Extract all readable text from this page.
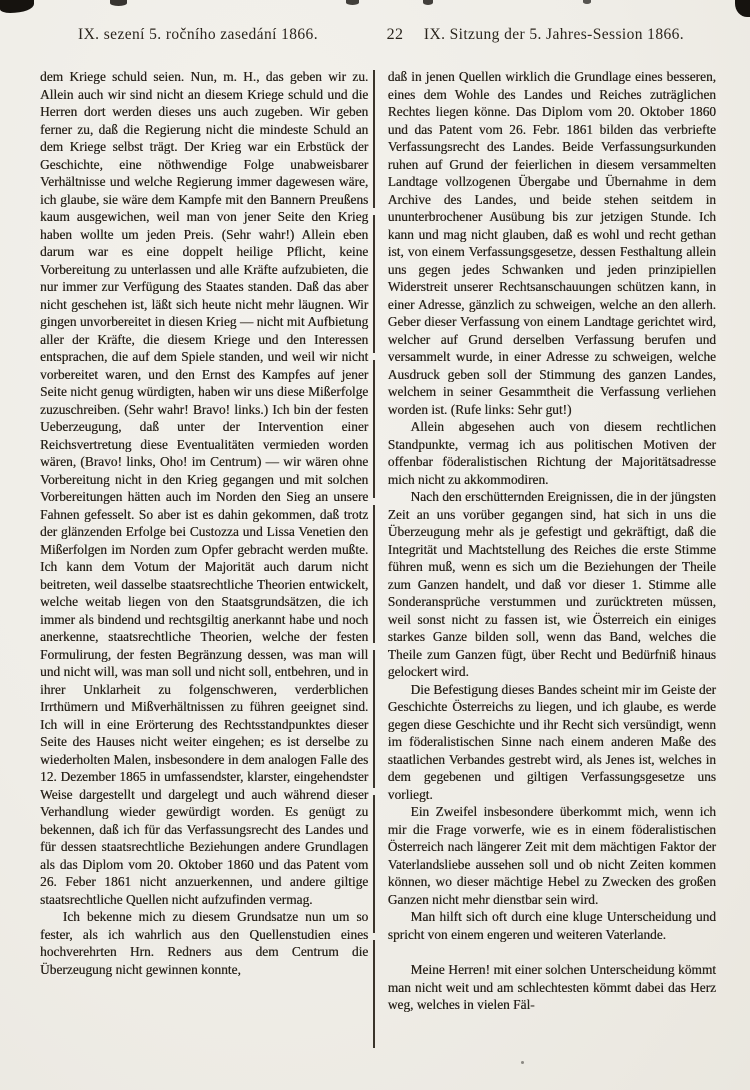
IX. sezení 5. ročního zasedání 1866.	22	IX. Sitzung der 5. Jahres-Session 1866.

dem Kriege schuld seien. Nun, m. H., das geben wir zu. Allein auch wir sind nicht an diesem Kriege schuld und die Herren dort werden dieses uns auch zugeben. Wir geben ferner zu, daß die Regierung nicht die mindeste Schuld an dem Kriege selbst trägt. Der Krieg war ein Erbstück der Geschichte, eine nöthwendige Folge unabweisbarer Verhältnisse und welche Regierung immer dagewesen wäre, ich glaube, sie wäre dem Kampfe mit den Bannern Preußens kaum ausgewichen, weil man von jener Seite den Krieg haben wollte um jeden Preis. (Sehr wahr!) Allein eben darum war es eine doppelt heilige Pflicht, keine Vorbereitung zu unterlassen und alle Kräfte aufzubieten, die nur immer zur Verfügung des Staates standen. Daß das aber nicht geschehen ist, läßt sich heute nicht mehr läugnen. Wir gingen unvorbereitet in diesen Krieg — nicht mit Aufbietung aller der Kräfte, die diesem Kriege und den Interessen entsprachen, die auf dem Spiele standen, und weil wir nicht vorbereitet waren, und den Ernst des Kampfes auf jener Seite nicht genug würdigten, haben wir uns diese Mißerfolge zuzuschreiben. (Sehr wahr! Bravo! links.) Ich bin der festen Ueberzeugung, daß unter der Intervention einer Reichsvertretung diese Eventualitäten vermieden worden wären, (Bravo! links, Oho! im Centrum) — wir wären ohne Vorbereitung nicht in den Krieg gegangen und mit solchen Vorbereitungen hätten auch im Norden den Sieg an unsere Fahnen gefesselt. So aber ist es dahin gekommen, daß trotz der glänzenden Erfolge bei Custozza und Lissa Venetien den Mißerfolgen im Norden zum Opfer gebracht werden mußte. Ich kann dem Votum der Majorität auch darum nicht beitreten, weil dasselbe staatsrechtliche Theorien entwickelt, welche weitab liegen von den Staatsgrundsätzen, die ich immer als bindend und rechtsgiltig anerkannt habe und noch anerkenne, staatsrechtliche Theorien, welche der festen Formulirung, der festen Begränzung dessen, was man will und nicht will, was man soll und nicht soll, entbehren, und in ihrer Unklarheit zu folgenschweren, verderblichen Irrthümern und Mißverhältnissen zu führen geeignet sind. Ich will in eine Erörterung des Rechtsstandpunktes dieser Seite des Hauses nicht weiter eingehen; es ist derselbe zu wiederholten Malen, insbesondere in dem analogen Falle des 12. Dezember 1865 in umfassendster, klarster, eingehendster Weise dargestellt und dargelegt und auch während dieser Verhandlung wieder gewürdigt worden. Es genügt zu bekennen, daß ich für das Verfassungsrecht des Landes und für dessen staatsrechtliche Beziehungen andere Grundlagen als das Diplom vom 20. Oktober 1860 und das Patent vom 26. Feber 1861 nicht anzuerkennen, und andere giltige staatsrechtliche Quellen nicht aufzufinden vermag.

Ich bekenne mich zu diesem Grundsatze nun um so fester, als ich wahrlich aus den Quellenstudien eines hochverehrten Hrn. Redners aus dem Centrum die Überzeugung nicht gewinnen konnte,

daß in jenen Quellen wirklich die Grundlage eines besseren, eines dem Wohle des Landes und Reiches zuträglichen Rechtes liegen könne. Das Diplom vom 20. Oktober 1860 und das Patent vom 26. Febr. 1861 bilden das verbriefte Verfassungsrecht des Landes. Beide Verfassungsurkunden ruhen auf Grund der feierlichen in diesem versammelten Landtage vollzogenen Übergabe und Übernahme in dem Archive des Landes, und beide stehen seitdem in ununterbrochener Ausübung bis zur jetzigen Stunde. Ich kann und mag nicht glauben, daß es wohl und recht gethan ist, von einem Verfassungsgesetze, dessen Festhaltung allein uns gegen jedes Schwanken und jeden prinzipiellen Widerstreit unserer Rechtsanschauungen schützen kann, in einer Adresse, gänzlich zu schweigen, welche an den allerh. Geber dieser Verfassung von einem Landtage gerichtet wird, welcher auf Grund derselben Verfassung berufen und versammelt wurde, in einer Adresse zu schweigen, welche Ausdruck geben soll der Stimmung des ganzen Landes, welchem in seiner Gesammtheit die Verfassung verliehen worden ist. (Rufe links: Sehr gut!)

Allein abgesehen auch von diesem rechtlichen Standpunkte, vermag ich aus politischen Motiven der offenbar föderalistischen Richtung der Majoritätsadresse mich nicht zu akkommodiren.

Nach den erschütternden Ereignissen, die in der jüngsten Zeit an uns vorüber gegangen sind, hat sich in uns die Überzeugung mehr als je gefestigt und gekräftigt, daß die Integrität und Machtstellung des Reiches die erste Stimme führen muß, wenn es sich um die Beziehungen der Theile zum Ganzen handelt, und daß vor dieser 1. Stimme alle Sonderansprüche verstummen und zurücktreten müssen, weil sonst nicht zu fassen ist, wie Österreich ein einiges starkes Ganze bilden soll, wenn das Band, welches die Theile zum Ganzen fügt, über Recht und Bedürfniß hinaus gelockert wird.

Die Befestigung dieses Bandes scheint mir im Geiste der Geschichte Österreichs zu liegen, und ich glaube, es werde gegen diese Geschichte und ihr Recht sich versündigt, wenn im föderalistischen Sinne nach einem anderen Maße des staatlichen Verbandes gestrebt wird, als Jenes ist, welches in dem gegebenen und giltigen Verfassungsgesetze uns vorliegt.

Ein Zweifel insbesondere überkommt mich, wenn ich mir die Frage vorwerfe, wie es in einem föderalistischen Österreich nach längerer Zeit mit dem mächtigen Faktor der Vaterlandsliebe aussehen soll und ob nicht Zeiten kommen können, wo dieser mächtige Hebel zu Zwecken des großen Ganzen nicht mehr dienstbar sein wird.

Man hilft sich oft durch eine kluge Unterscheidung und spricht von einem engeren und weiteren Vaterlande.

Meine Herren! mit einer solchen Unterscheidung kömmt man nicht weit und am schlechtesten kömmt dabei das Herz weg, welches in vielen Fäl-
